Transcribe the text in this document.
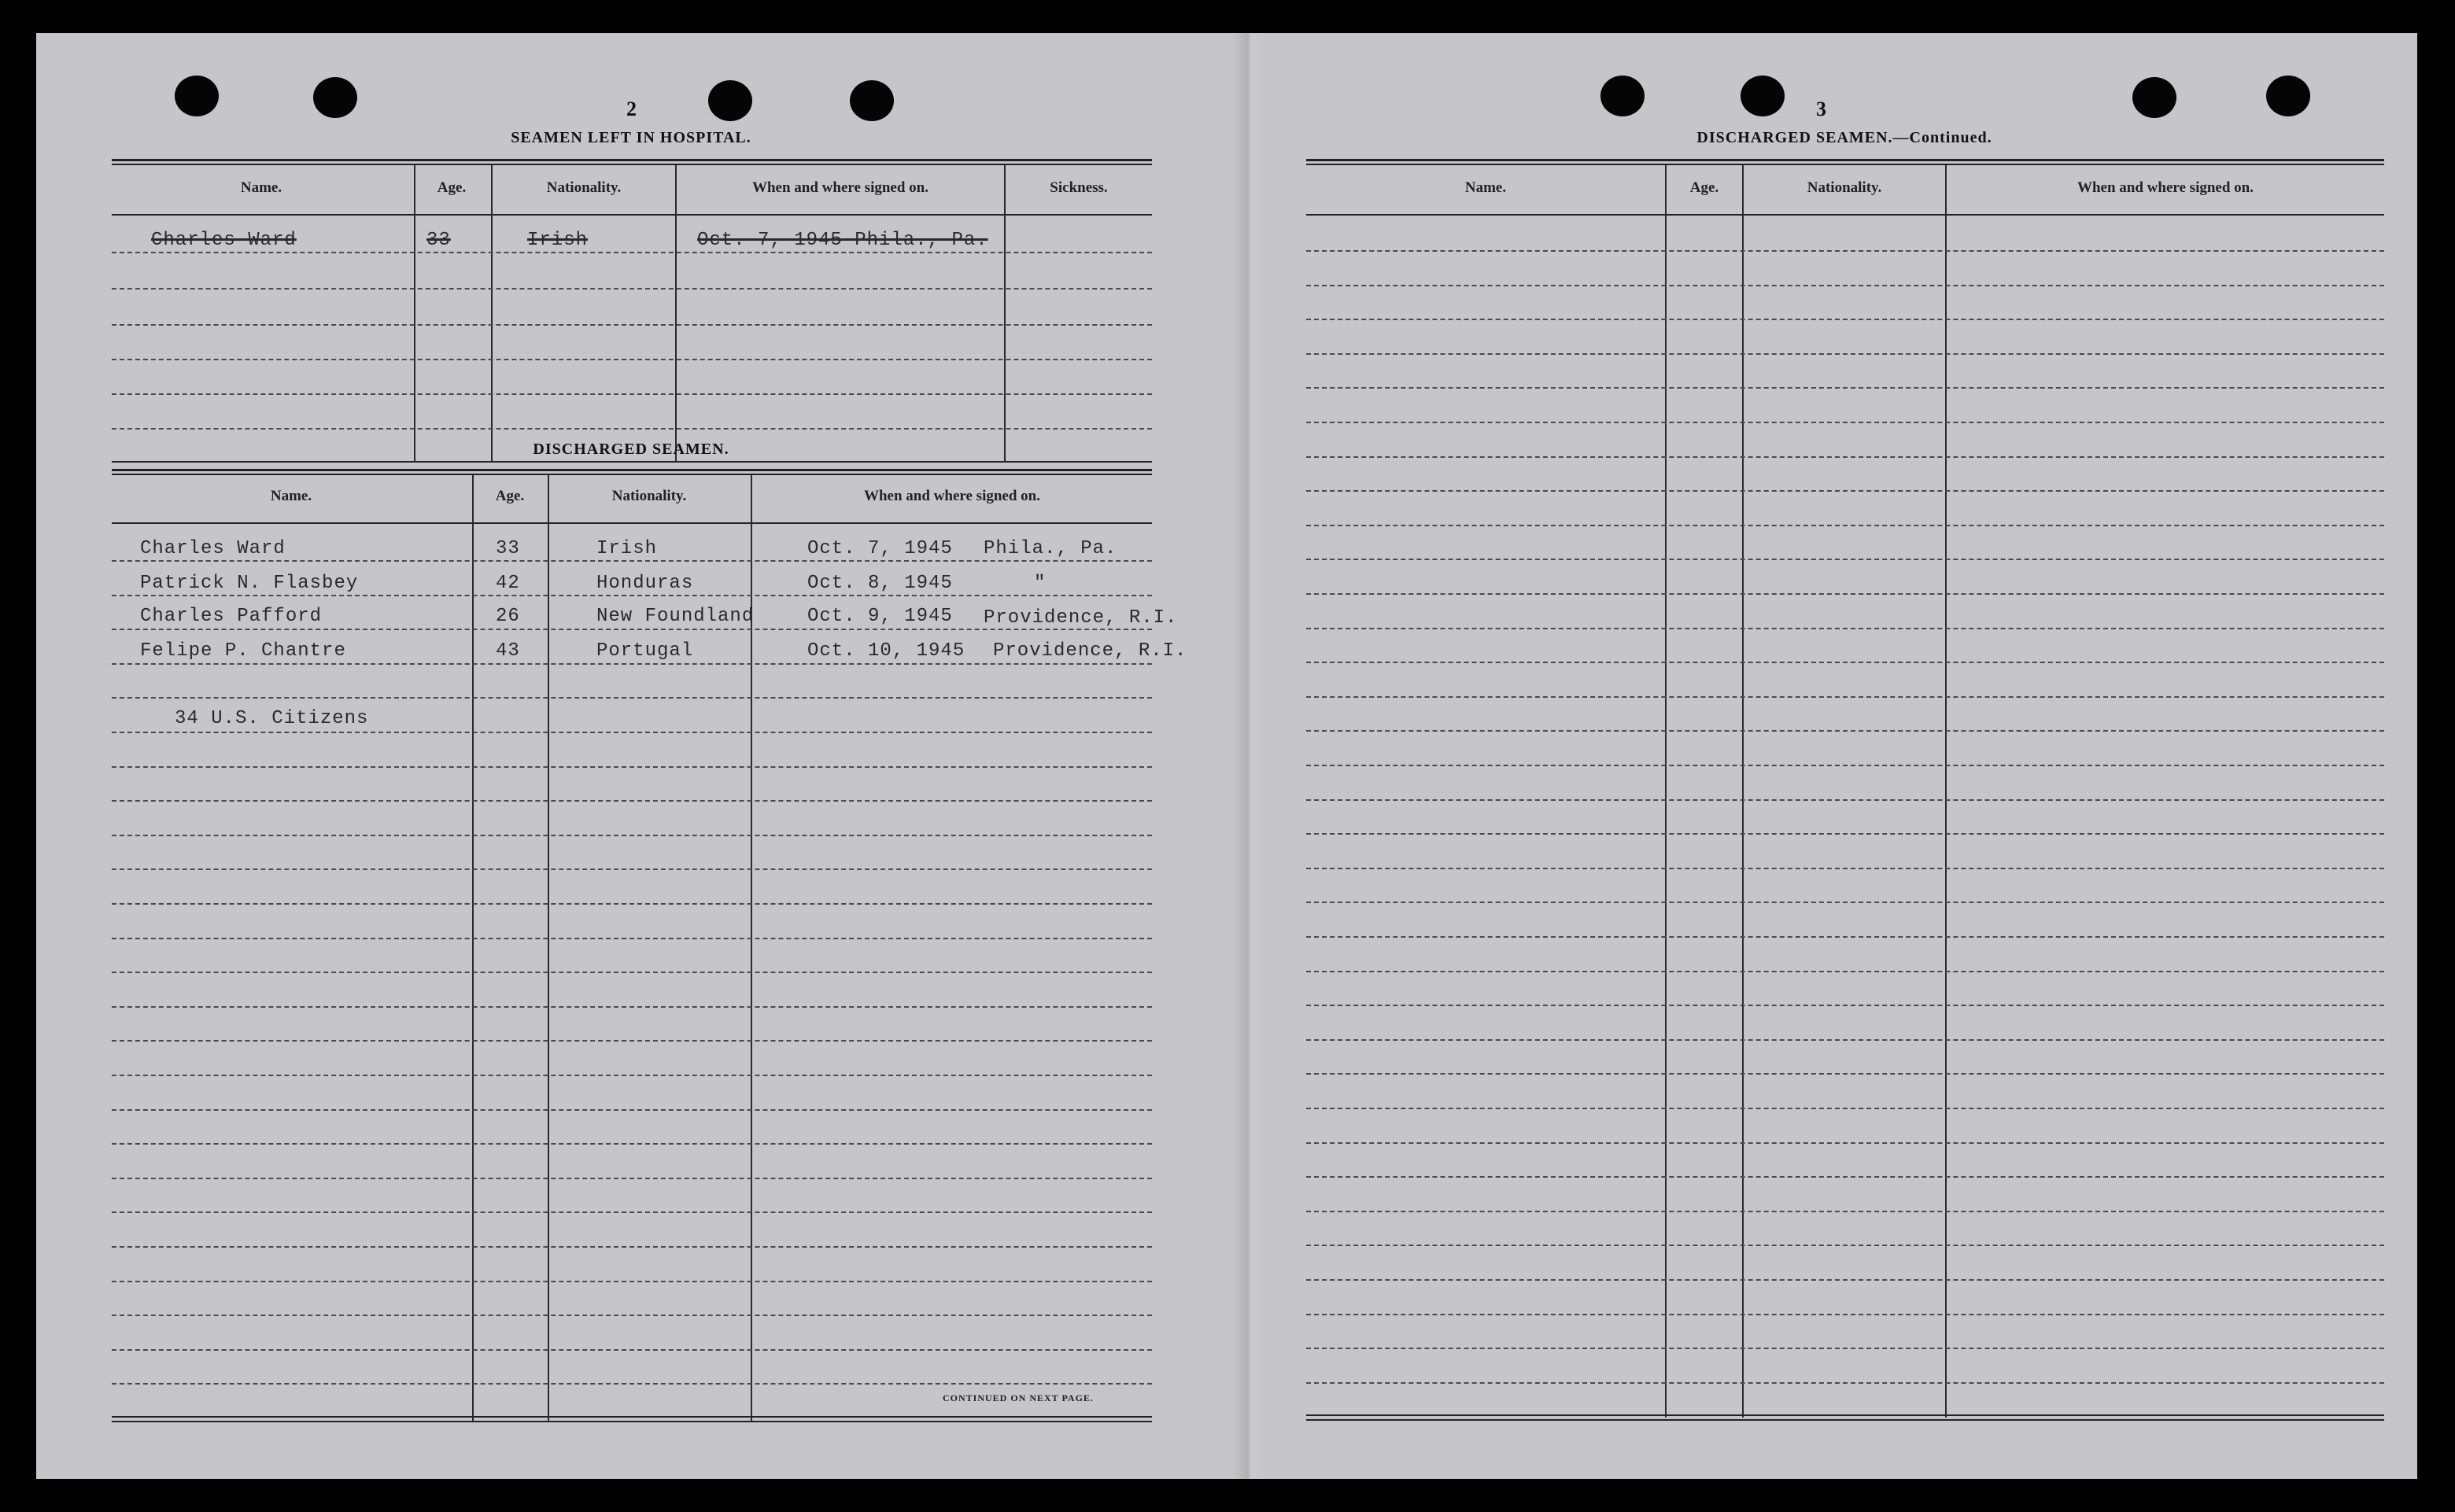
2
SEAMEN LEFT IN HOSPITAL.
Name.	Age.	Nationality.	When and where signed on.	Sickness.
Charles Ward	33	Irish	Oct. 7, 1945 Phila., Pa.
DISCHARGED SEAMEN.
Name.	Age.	Nationality.	When and where signed on.
Charles Ward	33	Irish	Oct. 7, 1945 Phila., Pa.
Patrick N. Flasbey	42	Honduras	Oct. 8, 1945	"
Charles Pafford	26	New Foundland	Oct. 9, 1945 Providence, R.I.
Felipe P. Chantre	43	Portugal	Oct. 10, 1945 Providence, R.I.
34 U.S. Citizens
CONTINUED ON NEXT PAGE.
3
DISCHARGED SEAMEN.—Continued.
Name.	Age.	Nationality.	When and where signed on.
